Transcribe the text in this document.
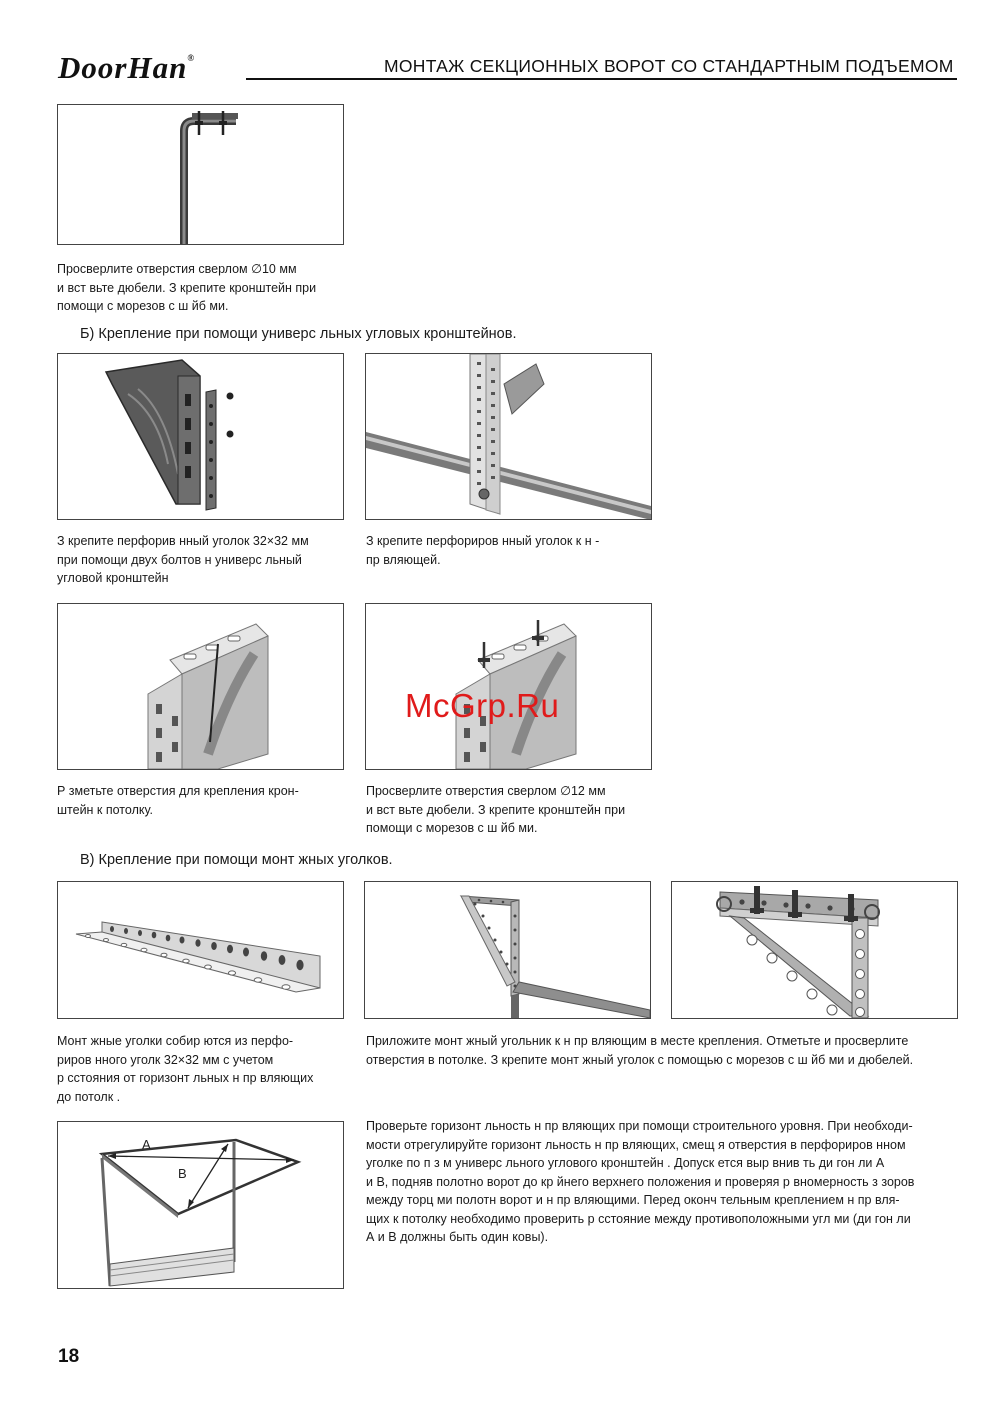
DoorHan®	МОНТАЖ СЕКЦИОННЫХ ВОРОТ СО СТАНДАРТНЫМ ПОДЪЕМОМ
Просверлите отверстия сверлом ∅10 мм
и вст вьте дюбели. З крепите кронштейн при
помощи с морезов с ш йб ми.
Б) Крепление при помощи универс льных угловых кронштейнов.
З крепите перфорив нный уголок 32×32 мм
при помощи двух болтов н универс льный
угловой кронштейн
З крепите перфориров нный уголок к н -
пр вляющей.
Р зметьте отверстия для крепления крон-
штейн к потолку.
Просверлите отверстия сверлом ∅12 мм
и вст вьте дюбели. З крепите кронштейн при
помощи с морезов с ш йб ми.
McGrp.Ru
В) Крепление при помощи монт жных уголков.
Монт жные уголки собир ются из перфо-
риров нного уголк 32×32 мм с учетом
р сстояния от горизонт льных н пр вляющих
до потолк .
Приложите монт жный угольник к н пр вляющим в месте крепления. Отметьте и просверлите
отверстия в потолке. З крепите монт жный уголок с помощью с морезов с ш йб ми и дюбелей.
A
B
Проверьте горизонт льность н пр вляющих при помощи строительного уровня. При необходи-
мости отрегулируйте горизонт льность н пр вляющих, смещ я отверстия в перфориров нном
уголке по п з м универс льного углового кронштейн . Допуск ется выр внив ть ди гон ли А
и В, подняв полотно ворот до кр йнего верхнего положения и проверяя р вномерность з зоров
между торц ми полотн ворот и н пр вляющими. Перед оконч тельным креплением н пр вля-
щих к потолку необходимо проверить р сстояние между противоположными угл ми (ди гон ли
А и В должны быть один ковы).
18
